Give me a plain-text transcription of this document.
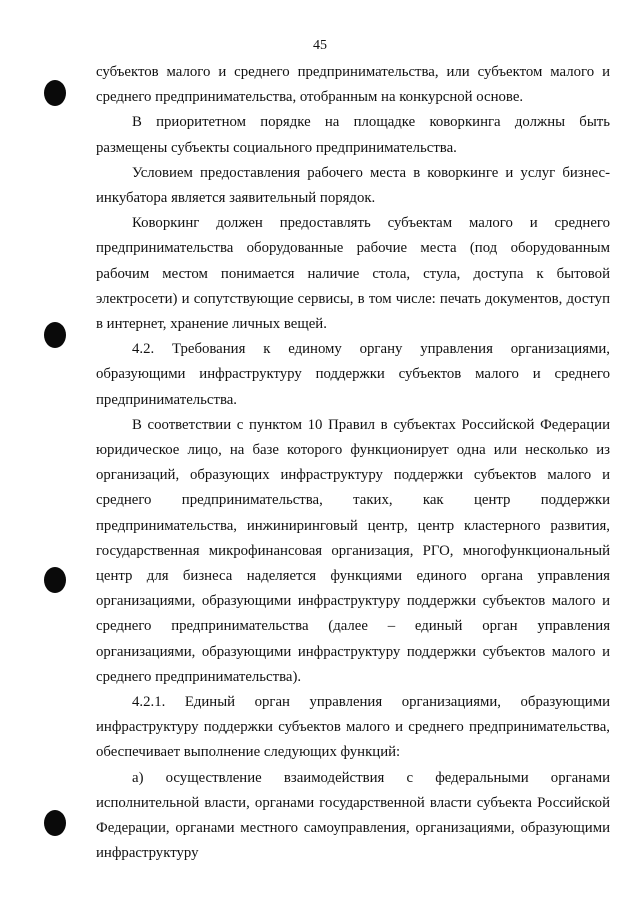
45

субъектов малого и среднего предпринимательства, или субъектом малого и среднего предпринимательства, отобранным на конкурсной основе.

В приоритетном порядке на площадке коворкинга должны быть размещены субъекты социального предпринимательства.

Условием предоставления рабочего места в коворкинге и услуг бизнес-инкубатора является заявительный порядок.

Коворкинг должен предоставлять субъектам малого и среднего предпринимательства оборудованные рабочие места (под оборудованным рабочим местом понимается наличие стола, стула, доступа к бытовой электросети) и сопутствующие сервисы, в том числе: печать документов, доступ в интернет, хранение личных вещей.

4.2. Требования к единому органу управления организациями, образующими инфраструктуру поддержки субъектов малого и среднего предпринимательства.

В соответствии с пунктом 10 Правил в субъектах Российской Федерации юридическое лицо, на базе которого функционирует одна или несколько из организаций, образующих инфраструктуру поддержки субъектов малого и среднего предпринимательства, таких, как центр поддержки предпринимательства, инжиниринговый центр, центр кластерного развития, государственная микрофинансовая организация, РГО, многофункциональный центр для бизнеса наделяется функциями единого органа управления организациями, образующими инфраструктуру поддержки субъектов малого и среднего предпринимательства (далее – единый орган управления организациями, образующими инфраструктуру поддержки субъектов малого и среднего предпринимательства).

4.2.1. Единый орган управления организациями, образующими инфраструктуру поддержки субъектов малого и среднего предпринимательства, обеспечивает выполнение следующих функций:

а) осуществление взаимодействия с федеральными органами исполнительной власти, органами государственной власти субъекта Российской Федерации, органами местного самоуправления, организациями, образующими инфраструктуру
